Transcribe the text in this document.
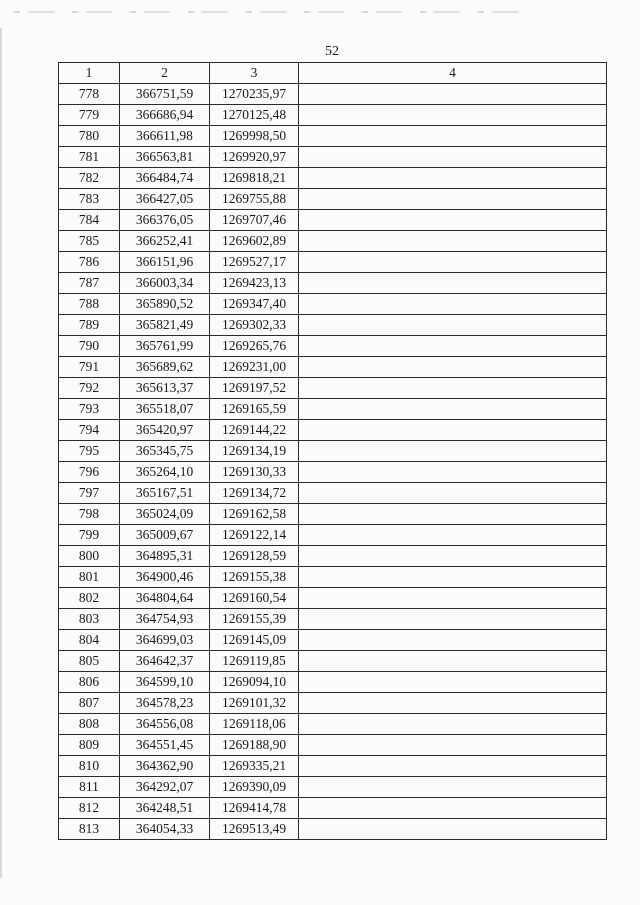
52
1	2	3	4
778	366751,59	1270235,97	
779	366686,94	1270125,48	
780	366611,98	1269998,50	
781	366563,81	1269920,97	
782	366484,74	1269818,21	
783	366427,05	1269755,88	
784	366376,05	1269707,46	
785	366252,41	1269602,89	
786	366151,96	1269527,17	
787	366003,34	1269423,13	
788	365890,52	1269347,40	
789	365821,49	1269302,33	
790	365761,99	1269265,76	
791	365689,62	1269231,00	
792	365613,37	1269197,52	
793	365518,07	1269165,59	
794	365420,97	1269144,22	
795	365345,75	1269134,19	
796	365264,10	1269130,33	
797	365167,51	1269134,72	
798	365024,09	1269162,58	
799	365009,67	1269122,14	
800	364895,31	1269128,59	
801	364900,46	1269155,38	
802	364804,64	1269160,54	
803	364754,93	1269155,39	
804	364699,03	1269145,09	
805	364642,37	1269119,85	
806	364599,10	1269094,10	
807	364578,23	1269101,32	
808	364556,08	1269118,06	
809	364551,45	1269188,90	
810	364362,90	1269335,21	
811	364292,07	1269390,09	
812	364248,51	1269414,78	
813	364054,33	1269513,49	
